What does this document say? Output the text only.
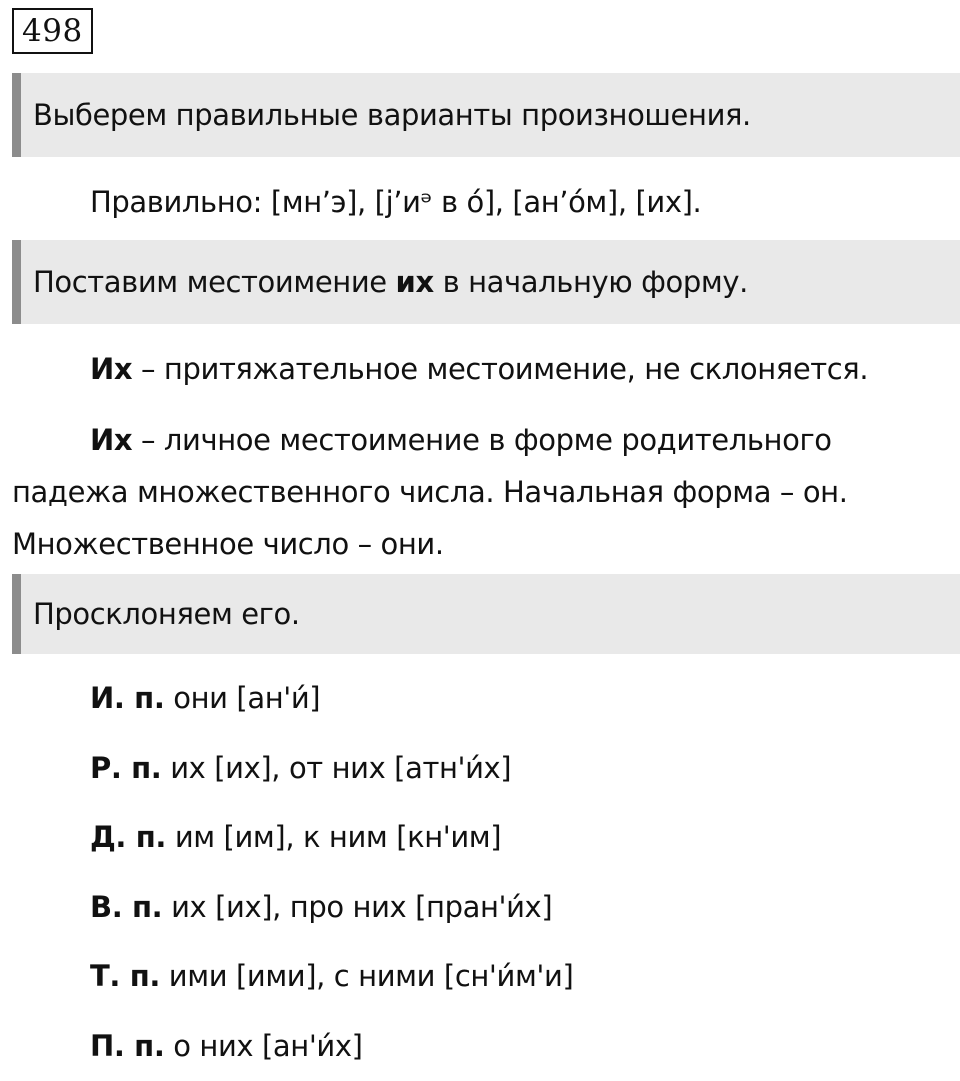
498
Выберем правильные варианты произношения.
Правильно: [мн’э], [j’иᵊ в о́], [ан’о́м], [их].
Поставим местоимение их в начальную форму.
Их – притяжательное местоимение, не склоняется.
Их – личное местоимение в форме родительного падежа множественного числа. Начальная форма – он. Множественное число – они.
Просклоняем его.
И. п. они [ан'и́]
Р. п. их [их], от них [атн'и́х]
Д. п. им [им], к ним [кн'им]
В. п. их [их], про них [пран'и́х]
Т. п. ими [ими], с ними [сн'и́м'и]
П. п. о них [ан'и́х]
